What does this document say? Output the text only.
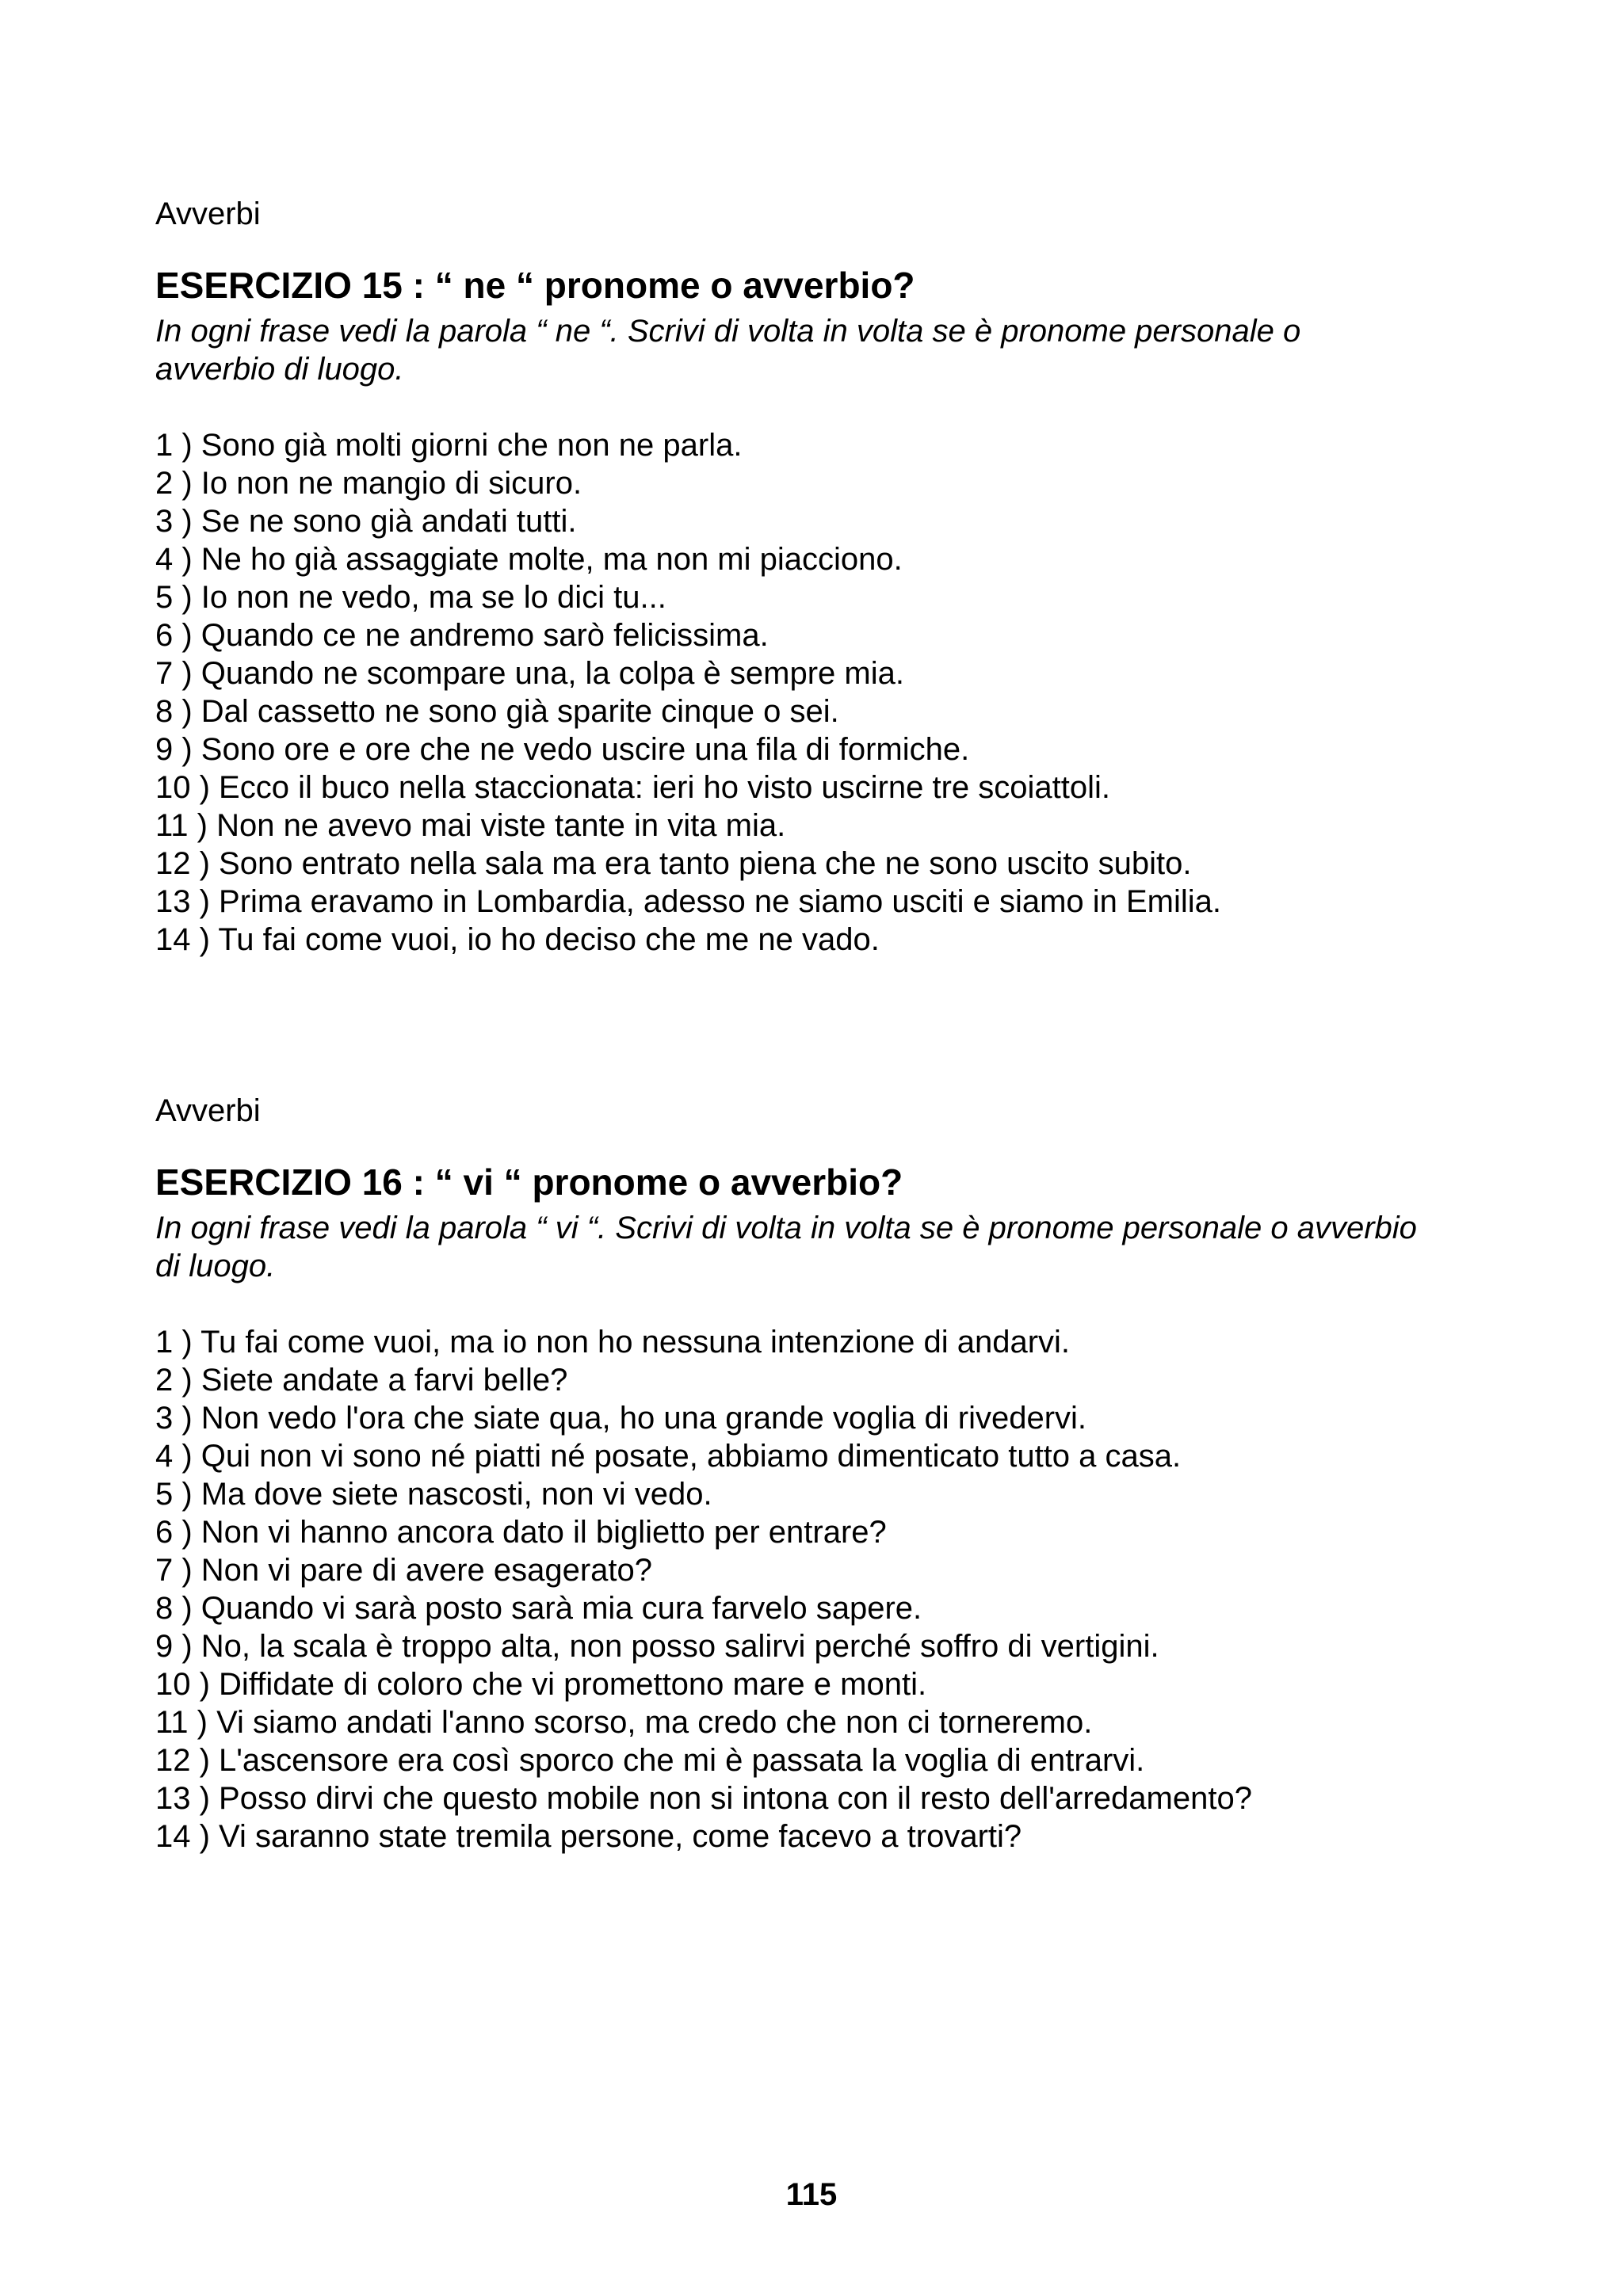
Avverbi

ESERCIZIO 15 : “ ne “ pronome o avverbio?

In ogni frase vedi la parola “ ne “. Scrivi di volta in volta se è pronome personale o

avverbio di luogo.

1 ) Sono già molti giorni che non ne parla.
2 ) Io non ne mangio di sicuro.
3 ) Se ne sono già andati tutti.
4 ) Ne ho già assaggiate molte, ma non mi piacciono.
5 ) Io non ne vedo, ma se lo dici tu...
6 ) Quando ce ne andremo sarò felicissima.
7 ) Quando ne scompare una, la colpa è sempre mia.
8 ) Dal cassetto ne sono già sparite cinque o sei.
9 ) Sono ore e ore che ne vedo uscire una fila di formiche.
10 ) Ecco il buco nella staccionata: ieri ho visto uscirne tre scoiattoli.
11 ) Non ne avevo mai viste tante in vita mia.
12 ) Sono entrato nella sala ma era tanto piena che ne sono uscito subito.
13 ) Prima eravamo in Lombardia, adesso ne siamo usciti e siamo in Emilia.
14 ) Tu fai come vuoi, io ho deciso che me ne vado.

Avverbi

ESERCIZIO 16 : “ vi “ pronome o avverbio?

In ogni frase vedi la parola “ vi “. Scrivi di volta in volta se è pronome personale o avverbio

di luogo.

1 ) Tu fai come vuoi, ma io non ho nessuna intenzione di andarvi.
2 ) Siete andate a farvi belle?
3 ) Non vedo l'ora che siate qua, ho una grande voglia di rivedervi.
4 ) Qui non vi sono né piatti né posate, abbiamo dimenticato tutto a casa.
5 ) Ma dove siete nascosti, non vi vedo.
6 ) Non vi hanno ancora dato il biglietto per entrare?
7 ) Non vi pare di avere esagerato?
8 ) Quando vi sarà posto sarà mia cura farvelo sapere.
9 ) No, la scala è troppo alta, non posso salirvi perché soffro di vertigini.
10 ) Diffidate di coloro che vi promettono mare e monti.
11 ) Vi siamo andati l'anno scorso, ma credo che non ci torneremo.
12 ) L'ascensore era così sporco che mi è passata la voglia di entrarvi.
13 ) Posso dirvi che questo mobile non si intona con il resto dell'arredamento?
14 ) Vi saranno state tremila persone, come facevo a trovarti?
115
